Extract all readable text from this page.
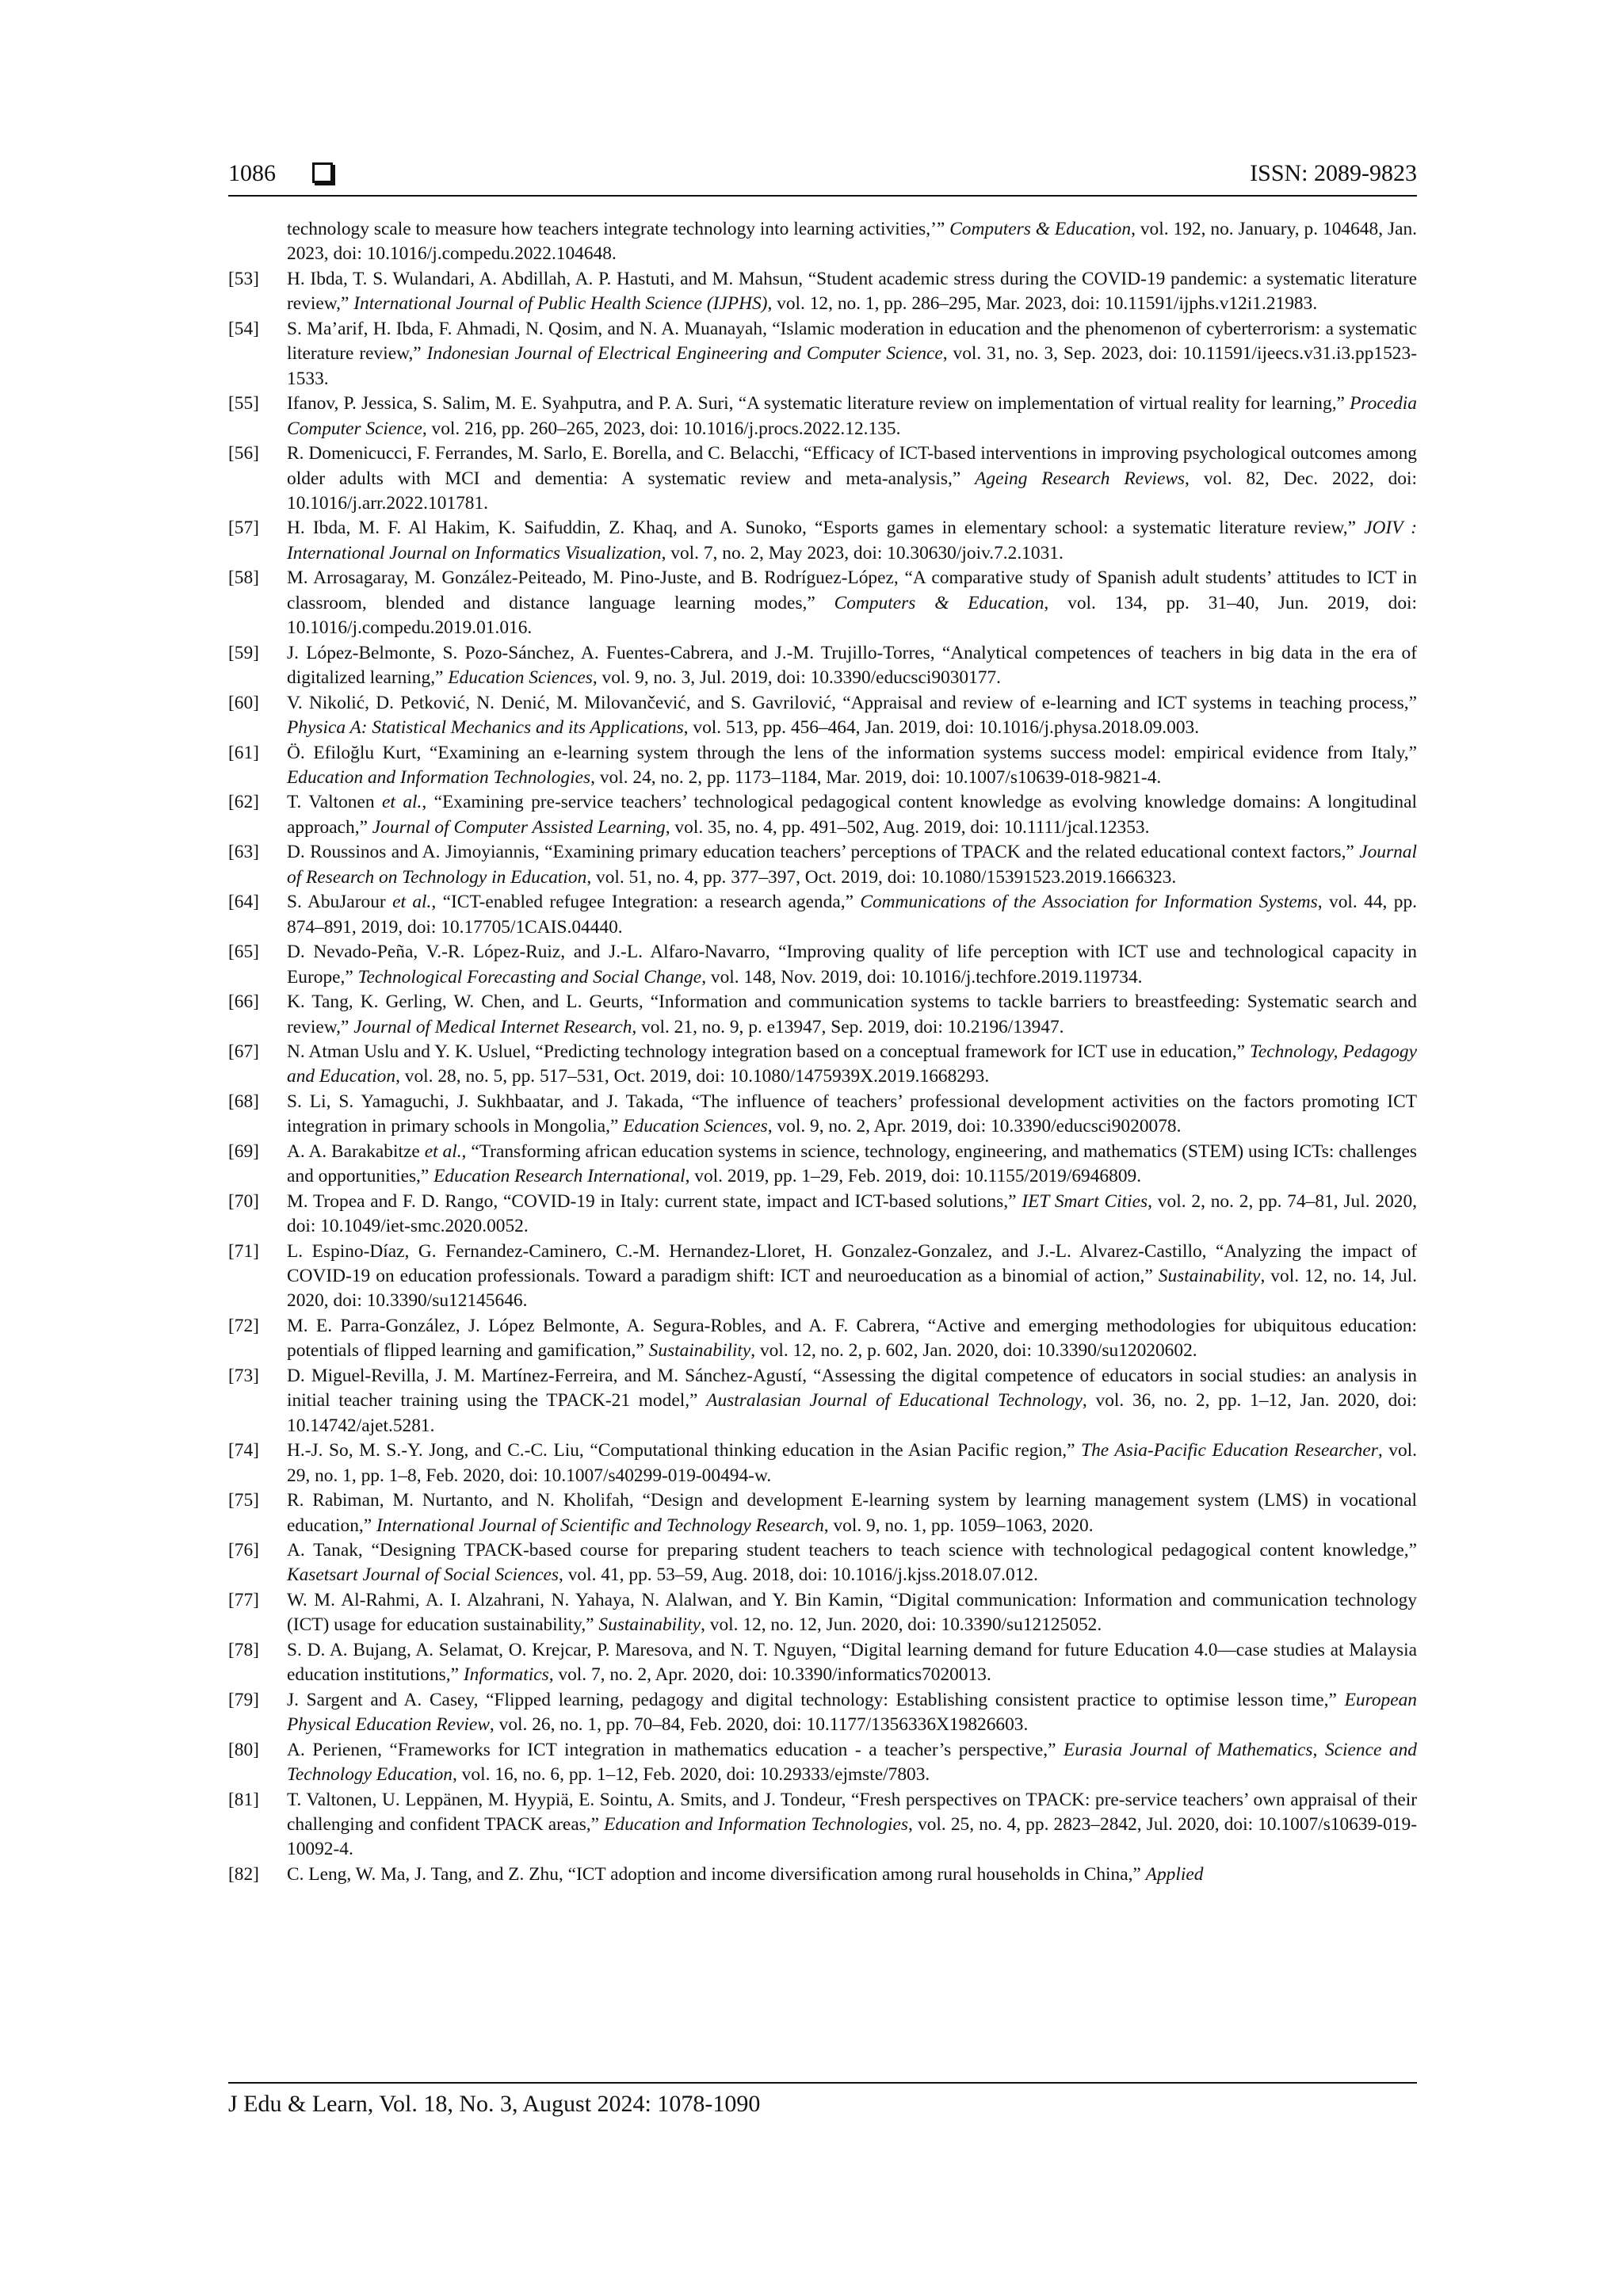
1086	ISSN: 2089-9823
technology scale to measure how teachers integrate technology into learning activities,’” Computers & Education, vol. 192, no. January, p. 104648, Jan. 2023, doi: 10.1016/j.compedu.2022.104648.
[53]	H. Ibda, T. S. Wulandari, A. Abdillah, A. P. Hastuti, and M. Mahsun, “Student academic stress during the COVID-19 pandemic: a systematic literature review,” International Journal of Public Health Science (IJPHS), vol. 12, no. 1, pp. 286–295, Mar. 2023, doi: 10.11591/ijphs.v12i1.21983.
[54]	S. Ma’arif, H. Ibda, F. Ahmadi, N. Qosim, and N. A. Muanayah, “Islamic moderation in education and the phenomenon of cyberterrorism: a systematic literature review,” Indonesian Journal of Electrical Engineering and Computer Science, vol. 31, no. 3, Sep. 2023, doi: 10.11591/ijeecs.v31.i3.pp1523-1533.
[55]	Ifanov, P. Jessica, S. Salim, M. E. Syahputra, and P. A. Suri, “A systematic literature review on implementation of virtual reality for learning,” Procedia Computer Science, vol. 216, pp. 260–265, 2023, doi: 10.1016/j.procs.2022.12.135.
[56]	R. Domenicucci, F. Ferrandes, M. Sarlo, E. Borella, and C. Belacchi, “Efficacy of ICT-based interventions in improving psychological outcomes among older adults with MCI and dementia: A systematic review and meta-analysis,” Ageing Research Reviews, vol. 82, Dec. 2022, doi: 10.1016/j.arr.2022.101781.
[57]	H. Ibda, M. F. Al Hakim, K. Saifuddin, Z. Khaq, and A. Sunoko, “Esports games in elementary school: a systematic literature review,” JOIV : International Journal on Informatics Visualization, vol. 7, no. 2, May 2023, doi: 10.30630/joiv.7.2.1031.
[58]	M. Arrosagaray, M. González-Peiteado, M. Pino-Juste, and B. Rodríguez-López, “A comparative study of Spanish adult students’ attitudes to ICT in classroom, blended and distance language learning modes,” Computers & Education, vol. 134, pp. 31–40, Jun. 2019, doi: 10.1016/j.compedu.2019.01.016.
[59]	J. López-Belmonte, S. Pozo-Sánchez, A. Fuentes-Cabrera, and J.-M. Trujillo-Torres, “Analytical competences of teachers in big data in the era of digitalized learning,” Education Sciences, vol. 9, no. 3, Jul. 2019, doi: 10.3390/educsci9030177.
[60]	V. Nikolić, D. Petković, N. Denić, M. Milovančević, and S. Gavrilović, “Appraisal and review of e-learning and ICT systems in teaching process,” Physica A: Statistical Mechanics and its Applications, vol. 513, pp. 456–464, Jan. 2019, doi: 10.1016/j.physa.2018.09.003.
[61]	Ö. Efiloğlu Kurt, “Examining an e-learning system through the lens of the information systems success model: empirical evidence from Italy,” Education and Information Technologies, vol. 24, no. 2, pp. 1173–1184, Mar. 2019, doi: 10.1007/s10639-018-9821-4.
[62]	T. Valtonen et al., “Examining pre-service teachers’ technological pedagogical content knowledge as evolving knowledge domains: A longitudinal approach,” Journal of Computer Assisted Learning, vol. 35, no. 4, pp. 491–502, Aug. 2019, doi: 10.1111/jcal.12353.
[63]	D. Roussinos and A. Jimoyiannis, “Examining primary education teachers’ perceptions of TPACK and the related educational context factors,” Journal of Research on Technology in Education, vol. 51, no. 4, pp. 377–397, Oct. 2019, doi: 10.1080/15391523.2019.1666323.
[64]	S. AbuJarour et al., “ICT-enabled refugee Integration: a research agenda,” Communications of the Association for Information Systems, vol. 44, pp. 874–891, 2019, doi: 10.17705/1CAIS.04440.
[65]	D. Nevado-Peña, V.-R. López-Ruiz, and J.-L. Alfaro-Navarro, “Improving quality of life perception with ICT use and technological capacity in Europe,” Technological Forecasting and Social Change, vol. 148, Nov. 2019, doi: 10.1016/j.techfore.2019.119734.
[66]	K. Tang, K. Gerling, W. Chen, and L. Geurts, “Information and communication systems to tackle barriers to breastfeeding: Systematic search and review,” Journal of Medical Internet Research, vol. 21, no. 9, p. e13947, Sep. 2019, doi: 10.2196/13947.
[67]	N. Atman Uslu and Y. K. Usluel, “Predicting technology integration based on a conceptual framework for ICT use in education,” Technology, Pedagogy and Education, vol. 28, no. 5, pp. 517–531, Oct. 2019, doi: 10.1080/1475939X.2019.1668293.
[68]	S. Li, S. Yamaguchi, J. Sukhbaatar, and J. Takada, “The influence of teachers’ professional development activities on the factors promoting ICT integration in primary schools in Mongolia,” Education Sciences, vol. 9, no. 2, Apr. 2019, doi: 10.3390/educsci9020078.
[69]	A. A. Barakabitze et al., “Transforming african education systems in science, technology, engineering, and mathematics (STEM) using ICTs: challenges and opportunities,” Education Research International, vol. 2019, pp. 1–29, Feb. 2019, doi: 10.1155/2019/6946809.
[70]	M. Tropea and F. D. Rango, “COVID-19 in Italy: current state, impact and ICT-based solutions,” IET Smart Cities, vol. 2, no. 2, pp. 74–81, Jul. 2020, doi: 10.1049/iet-smc.2020.0052.
[71]	L. Espino-Díaz, G. Fernandez-Caminero, C.-M. Hernandez-Lloret, H. Gonzalez-Gonzalez, and J.-L. Alvarez-Castillo, “Analyzing the impact of COVID-19 on education professionals. Toward a paradigm shift: ICT and neuroeducation as a binomial of action,” Sustainability, vol. 12, no. 14, Jul. 2020, doi: 10.3390/su12145646.
[72]	M. E. Parra-González, J. López Belmonte, A. Segura-Robles, and A. F. Cabrera, “Active and emerging methodologies for ubiquitous education: potentials of flipped learning and gamification,” Sustainability, vol. 12, no. 2, p. 602, Jan. 2020, doi: 10.3390/su12020602.
[73]	D. Miguel-Revilla, J. M. Martínez-Ferreira, and M. Sánchez-Agustí, “Assessing the digital competence of educators in social studies: an analysis in initial teacher training using the TPACK-21 model,” Australasian Journal of Educational Technology, vol. 36, no. 2, pp. 1–12, Jan. 2020, doi: 10.14742/ajet.5281.
[74]	H.-J. So, M. S.-Y. Jong, and C.-C. Liu, “Computational thinking education in the Asian Pacific region,” The Asia-Pacific Education Researcher, vol. 29, no. 1, pp. 1–8, Feb. 2020, doi: 10.1007/s40299-019-00494-w.
[75]	R. Rabiman, M. Nurtanto, and N. Kholifah, “Design and development E-learning system by learning management system (LMS) in vocational education,” International Journal of Scientific and Technology Research, vol. 9, no. 1, pp. 1059–1063, 2020.
[76]	A. Tanak, “Designing TPACK-based course for preparing student teachers to teach science with technological pedagogical content knowledge,” Kasetsart Journal of Social Sciences, vol. 41, pp. 53–59, Aug. 2018, doi: 10.1016/j.kjss.2018.07.012.
[77]	W. M. Al-Rahmi, A. I. Alzahrani, N. Yahaya, N. Alalwan, and Y. Bin Kamin, “Digital communication: Information and communication technology (ICT) usage for education sustainability,” Sustainability, vol. 12, no. 12, Jun. 2020, doi: 10.3390/su12125052.
[78]	S. D. A. Bujang, A. Selamat, O. Krejcar, P. Maresova, and N. T. Nguyen, “Digital learning demand for future Education 4.0—case studies at Malaysia education institutions,” Informatics, vol. 7, no. 2, Apr. 2020, doi: 10.3390/informatics7020013.
[79]	J. Sargent and A. Casey, “Flipped learning, pedagogy and digital technology: Establishing consistent practice to optimise lesson time,” European Physical Education Review, vol. 26, no. 1, pp. 70–84, Feb. 2020, doi: 10.1177/1356336X19826603.
[80]	A. Perienen, “Frameworks for ICT integration in mathematics education - a teacher’s perspective,” Eurasia Journal of Mathematics, Science and Technology Education, vol. 16, no. 6, pp. 1–12, Feb. 2020, doi: 10.29333/ejmste/7803.
[81]	T. Valtonen, U. Leppänen, M. Hyypiä, E. Sointu, A. Smits, and J. Tondeur, “Fresh perspectives on TPACK: pre-service teachers’ own appraisal of their challenging and confident TPACK areas,” Education and Information Technologies, vol. 25, no. 4, pp. 2823–2842, Jul. 2020, doi: 10.1007/s10639-019-10092-4.
[82]	C. Leng, W. Ma, J. Tang, and Z. Zhu, “ICT adoption and income diversification among rural households in China,” Applied
J Edu & Learn, Vol. 18, No. 3, August 2024: 1078-1090
